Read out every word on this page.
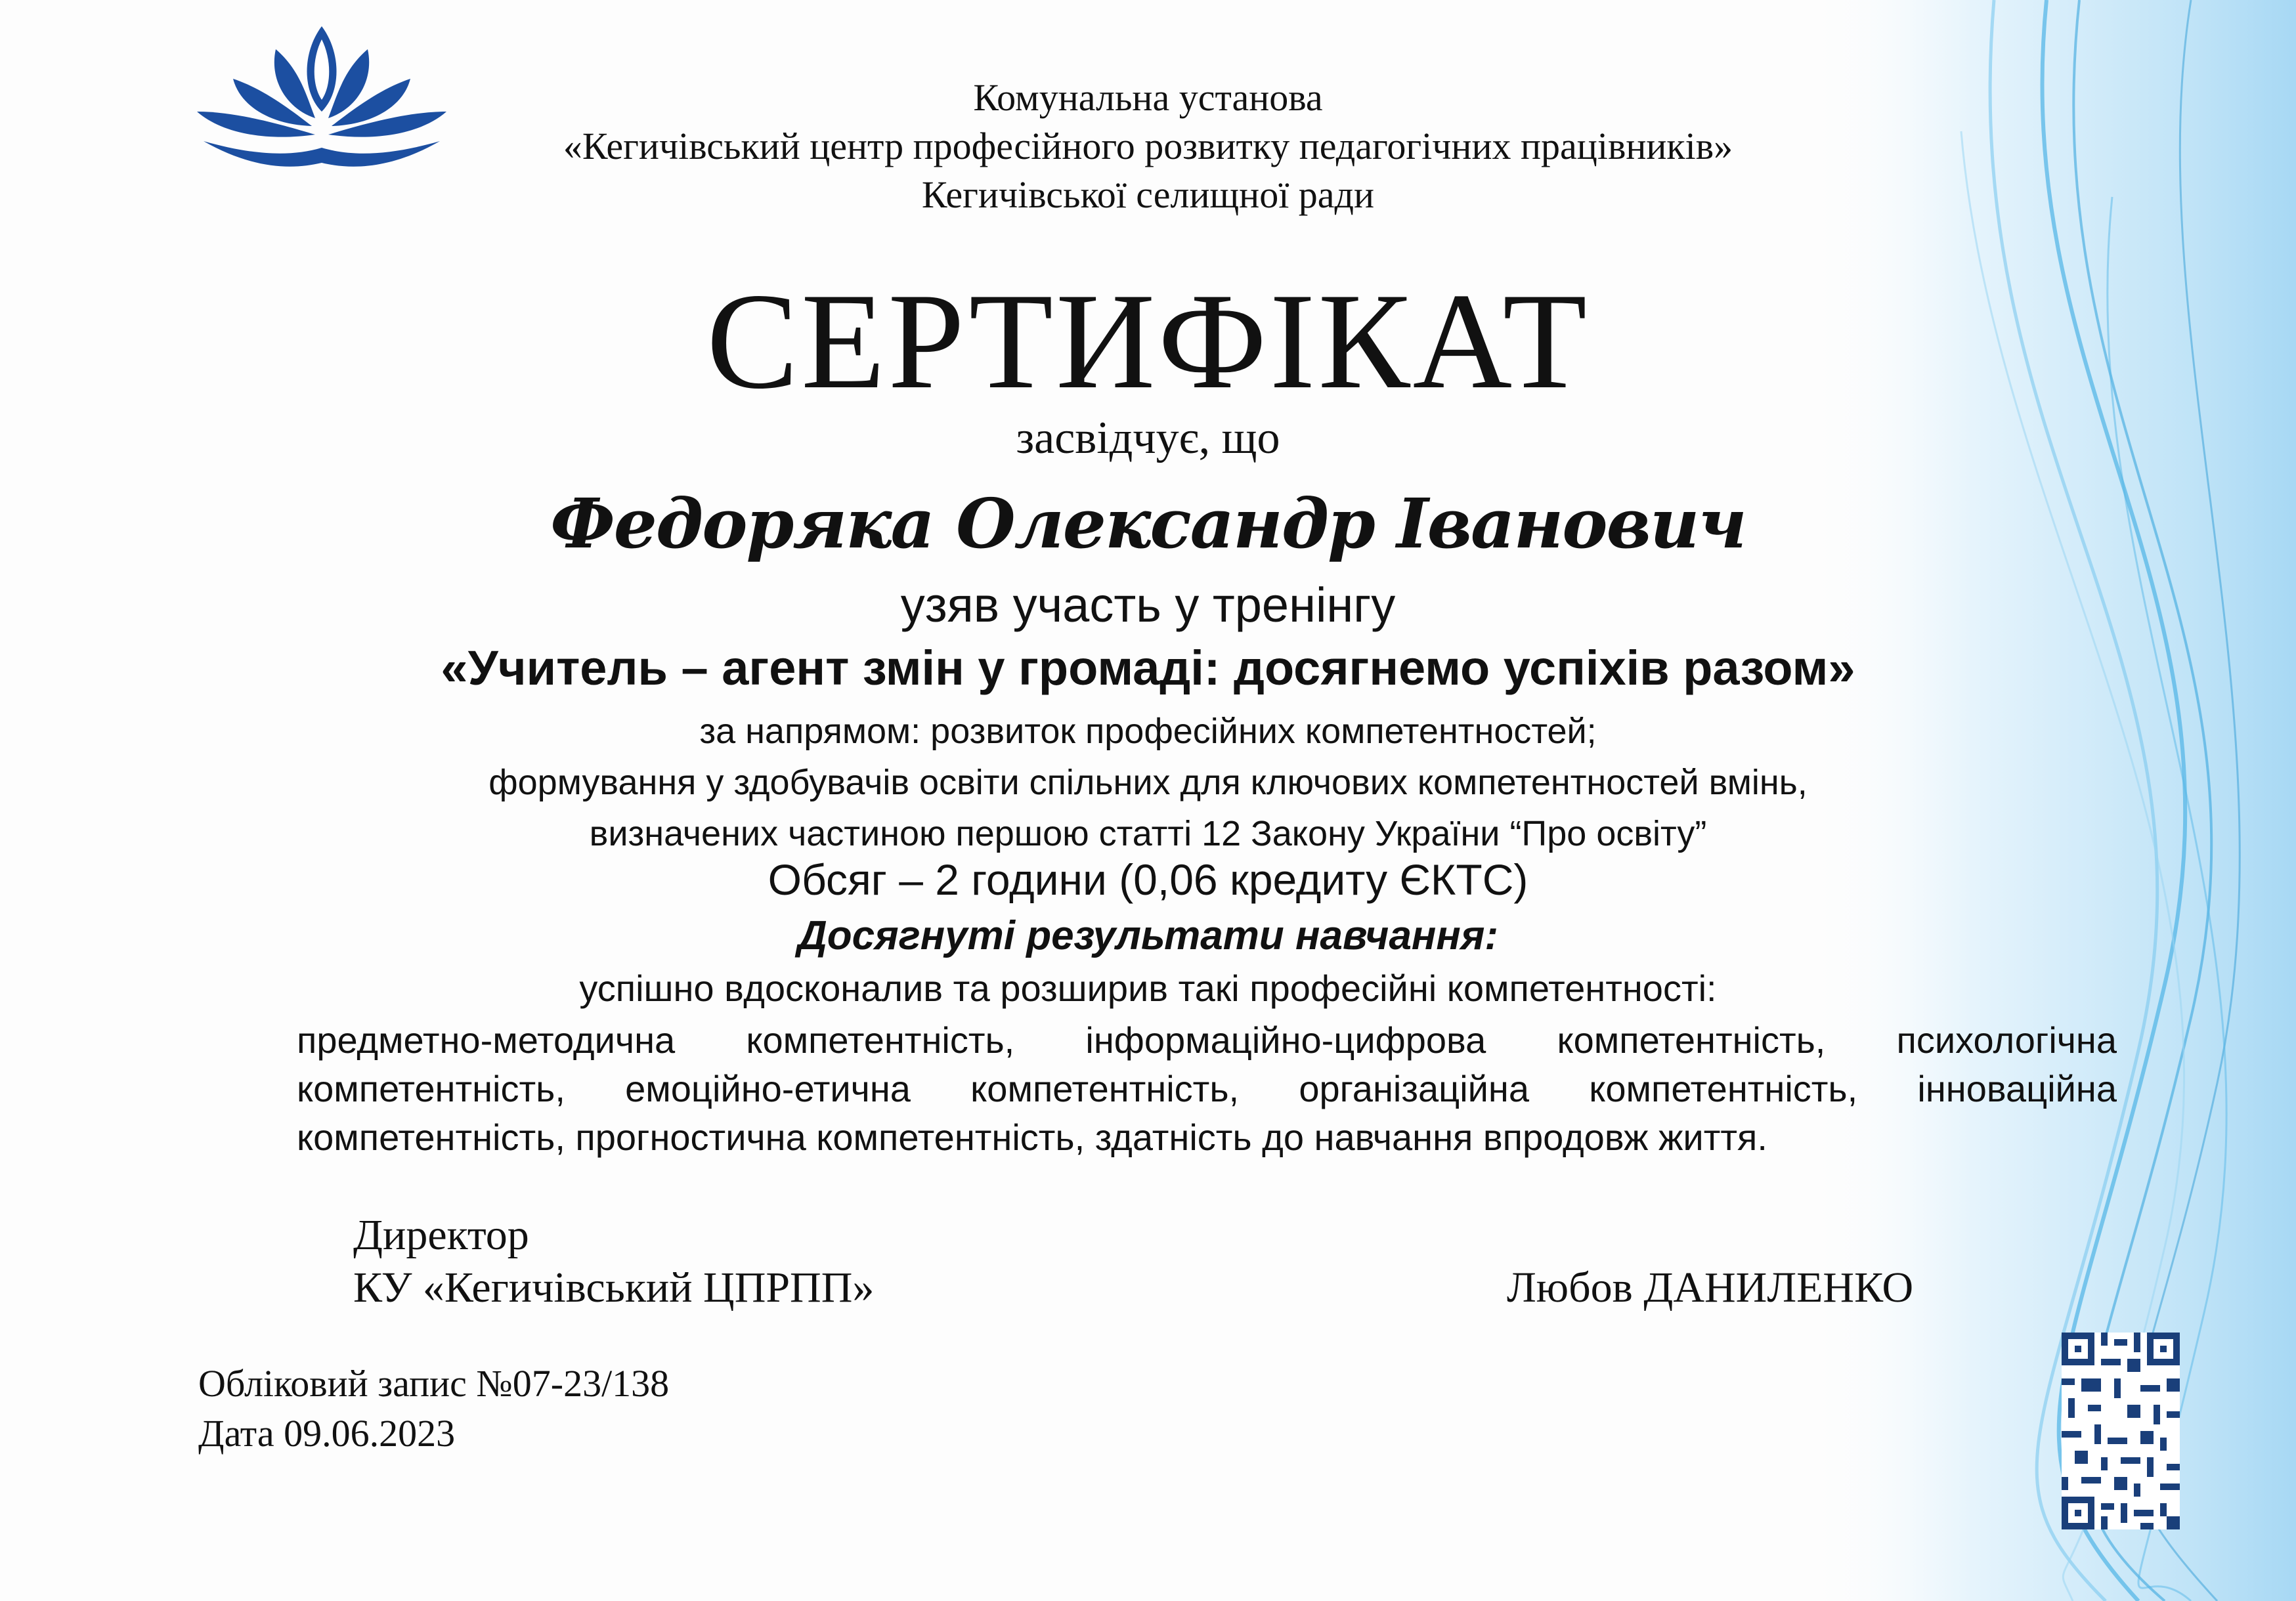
Комунальна установа
«Кегичівський центр професійного розвитку педагогічних працівників»
Кегичівської селищної ради
СЕРТИФІКАТ
засвідчує, що
Федоряка Олександр Іванович
узяв участь у тренінгу
«Учитель – агент змін у громаді: досягнемо успіхів разом»
за напрямом: розвиток професійних компетентностей;
формування у здобувачів освіти спільних для ключових компетентностей вмінь,
визначених частиною першою статті 12 Закону України “Про освіту”
Обсяг – 2 години (0,06 кредиту ЄКТС)
Досягнуті результати навчання:
успішно вдосконалив та розширив такі професійні компетентності:
предметно-методична компетентність, інформаційно-цифрова компетентність, психологічна
компетентність, емоційно-етична компетентність, організаційна компетентність, інноваційна
компетентність, прогностична компетентність, здатність до навчання впродовж життя.
Директор
КУ «Кегичівський ЦПРПП»	Любов ДАНИЛЕНКО
Обліковий запис №07-23/138
Дата 09.06.2023
